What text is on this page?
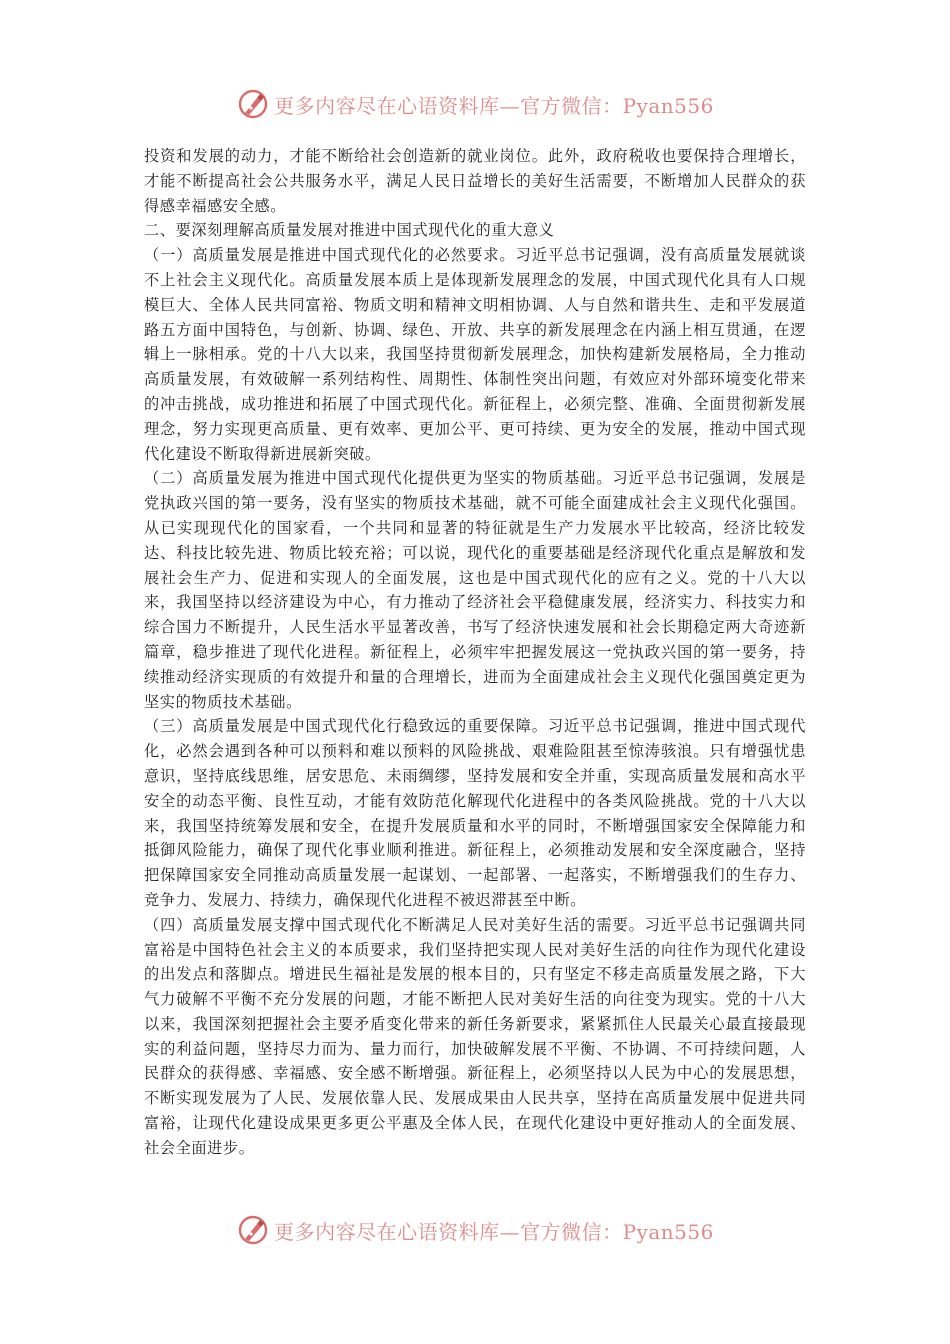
更多内容尽在心语资料库—官方微信：Pyan556

投资和发展的动力，才能不断给社会创造新的就业岗位。此外，政府税收也要保持合理增长，才能不断提高社会公共服务水平，满足人民日益增长的美好生活需要，不断增加人民群众的获得感幸福感安全感。

二、要深刻理解高质量发展对推进中国式现代化的重大意义

（一）高质量发展是推进中国式现代化的必然要求。习近平总书记强调，没有高质量发展就谈不上社会主义现代化。高质量发展本质上是体现新发展理念的发展，中国式现代化具有人口规模巨大、全体人民共同富裕、物质文明和精神文明相协调、人与自然和谐共生、走和平发展道路五方面中国特色，与创新、协调、绿色、开放、共享的新发展理念在内涵上相互贯通，在逻辑上一脉相承。党的十八大以来，我国坚持贯彻新发展理念，加快构建新发展格局，全力推动高质量发展，有效破解一系列结构性、周期性、体制性突出问题，有效应对外部环境变化带来的冲击挑战，成功推进和拓展了中国式现代化。新征程上，必须完整、准确、全面贯彻新发展理念，努力实现更高质量、更有效率、更加公平、更可持续、更为安全的发展，推动中国式现代化建设不断取得新进展新突破。

（二）高质量发展为推进中国式现代化提供更为坚实的物质基础。习近平总书记强调，发展是党执政兴国的第一要务，没有坚实的物质技术基础，就不可能全面建成社会主义现代化强国。从已实现现代化的国家看，一个共同和显著的特征就是生产力发展水平比较高，经济比较发达、科技比较先进、物质比较充裕；可以说，现代化的重要基础是经济现代化重点是解放和发展社会生产力、促进和实现人的全面发展，这也是中国式现代化的应有之义。党的十八大以来，我国坚持以经济建设为中心，有力推动了经济社会平稳健康发展，经济实力、科技实力和综合国力不断提升，人民生活水平显著改善，书写了经济快速发展和社会长期稳定两大奇迹新篇章，稳步推进了现代化进程。新征程上，必须牢牢把握发展这一党执政兴国的第一要务，持续推动经济实现质的有效提升和量的合理增长，进而为全面建成社会主义现代化强国奠定更为坚实的物质技术基础。

（三）高质量发展是中国式现代化行稳致远的重要保障。习近平总书记强调，推进中国式现代化，必然会遇到各种可以预料和难以预料的风险挑战、艰难险阻甚至惊涛骇浪。只有增强忧患意识，坚持底线思维，居安思危、未雨绸缪，坚持发展和安全并重，实现高质量发展和高水平安全的动态平衡、良性互动，才能有效防范化解现代化进程中的各类风险挑战。党的十八大以来，我国坚持统筹发展和安全，在提升发展质量和水平的同时，不断增强国家安全保障能力和抵御风险能力，确保了现代化事业顺利推进。新征程上，必须推动发展和安全深度融合，坚持把保障国家安全同推动高质量发展一起谋划、一起部署、一起落实，不断增强我们的生存力、竞争力、发展力、持续力，确保现代化进程不被迟滞甚至中断。

（四）高质量发展支撑中国式现代化不断满足人民对美好生活的需要。习近平总书记强调共同富裕是中国特色社会主义的本质要求，我们坚持把实现人民对美好生活的向往作为现代化建设的出发点和落脚点。增进民生福祉是发展的根本目的，只有坚定不移走高质量发展之路，下大气力破解不平衡不充分发展的问题，才能不断把人民对美好生活的向往变为现实。党的十八大以来，我国深刻把握社会主要矛盾变化带来的新任务新要求，紧紧抓住人民最关心最直接最现实的利益问题，坚持尽力而为、量力而行，加快破解发展不平衡、不协调、不可持续问题，人民群众的获得感、幸福感、安全感不断增强。新征程上，必须坚持以人民为中心的发展思想，不断实现发展为了人民、发展依靠人民、发展成果由人民共享，坚持在高质量发展中促进共同富裕，让现代化建设成果更多更公平惠及全体人民，在现代化建设中更好推动人的全面发展、社会全面进步。

更多内容尽在心语资料库—官方微信：Pyan556
